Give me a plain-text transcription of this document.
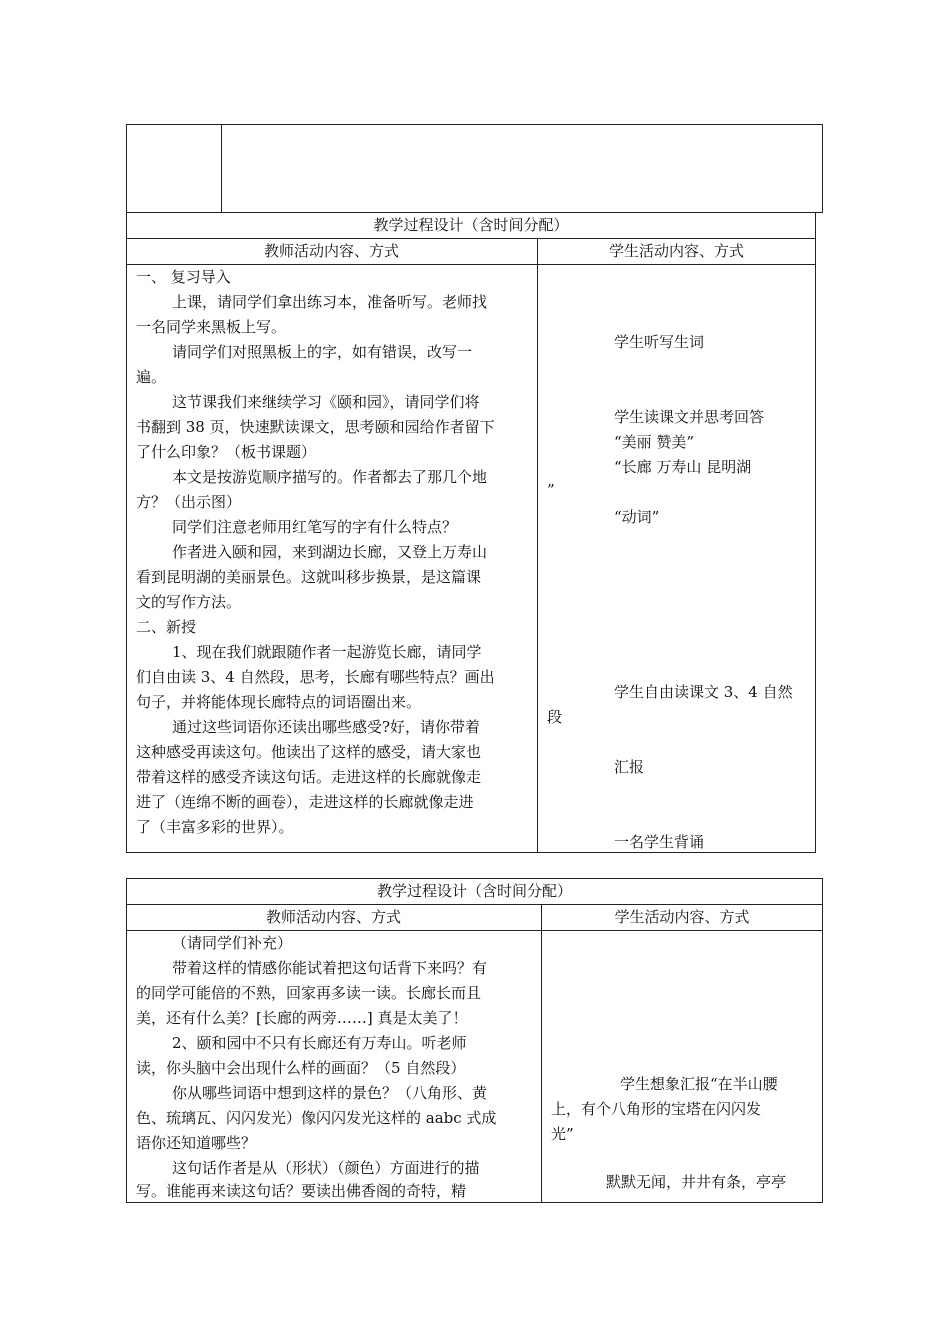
教学过程设计（含时间分配）
教师活动内容、方式	学生活动内容、方式
一、 复习导入
上课，请同学们拿出练习本，准备听写。老师找
一名同学来黑板上写。
请同学们对照黑板上的字，如有错误，改写一
遍。
这节课我们来继续学习《颐和园》，请同学们将
书翻到 38 页，快速默读课文，思考颐和园给作者留下
了什么印象？（板书课题）
本文是按游览顺序描写的。作者都去了那几个地
方？（出示图）
同学们注意老师用红笔写的字有什么特点？
作者进入颐和园，来到湖边长廊，又登上万寿山
看到昆明湖的美丽景色。这就叫移步换景，是这篇课
文的写作方法。
二、新授
1、现在我们就跟随作者一起游览长廊，请同学
们自由读 3、4 自然段，思考，长廊有哪些特点？画出
句子，并将能体现长廊特点的词语圈出来。
通过这些词语你还读出哪些感受?好，请你带着
这种感受再读这句。他读出了这样的感受，请大家也
带着这样的感受齐读这句话。走进这样的长廊就像走
进了（连绵不断的画卷），走进这样的长廊就像走进
了（丰富多彩的世界）。
学生听写生词
学生读课文并思考回答
“美丽 赞美”
“长廊 万寿山 昆明湖
”
“动词”
学生自由读课文 3、4 自然
段
汇报
一名学生背诵
教学过程设计（含时间分配）
教师活动内容、方式	学生活动内容、方式
（请同学们补充）
带着这样的情感你能试着把这句话背下来吗？有
的同学可能倍的不熟，回家再多读一读。长廊长而且
美，还有什么美？[长廊的两旁……] 真是太美了！
2、颐和园中不只有长廊还有万寿山。听老师
读，你头脑中会出现什么样的画面？（5 自然段）
你从哪些词语中想到这样的景色？（八角形、黄
色、琉璃瓦、闪闪发光）像闪闪发光这样的 aabc 式成
语你还知道哪些？
这句话作者是从（形状）（颜色）方面进行的描
写。谁能再来读这句话？要读出佛香阁的奇特，精
学生想象汇报“在半山腰
上，有个八角形的宝塔在闪闪发
光”
默默无闻，井井有条，亭亭
